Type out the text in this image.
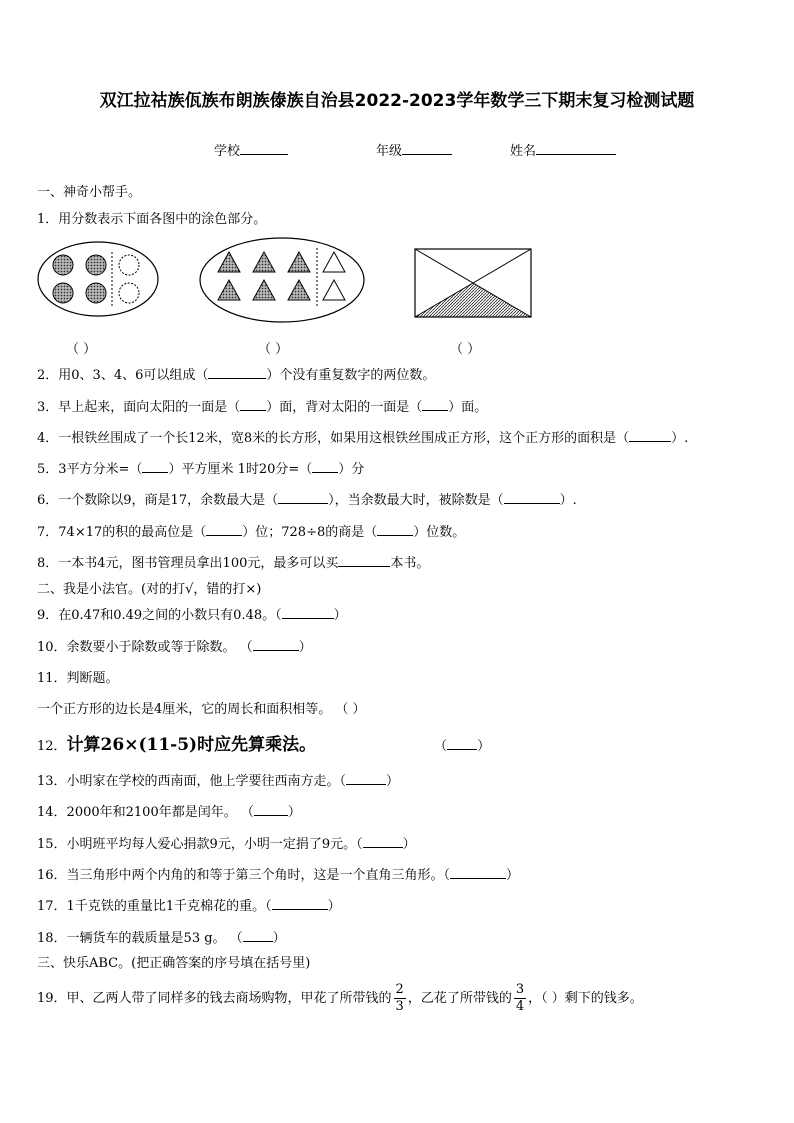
双江拉祜族佤族布朗族傣族自治县2022-2023学年数学三下期末复习检测试题
学校	年级	姓名
一、神奇小帮手。
1．用分数表示下面各图中的涂色部分。
（ ）	（ ）	（ ）
2．用0、3、4、6可以组成（	）个没有重复数字的两位数。
3．早上起来，面向太阳的一面是（ ）面，背对太阳的一面是（ ）面。
4．一根铁丝围成了一个长12米，宽8米的长方形，如果用这根铁丝围成正方形，这个正方形的面积是（	）.
5．3平方分米=（ ）平方厘米 1时20分=（ ）分
6．一个数除以9，商是17，余数最大是（	），当余数最大时，被除数是（	）.
7．74×17的积的最高位是（	）位；728÷8的商是（	）位数。
8．一本书4元，图书管理员拿出100元，最多可以买	本书。
二、我是小法官。(对的打√，错的打×)
9．在0.47和0.49之间的小数只有0.48。（	）
10．余数要小于除数或等于除数。 （	）
11．判断题。
一个正方形的边长是4厘米，它的周长和面积相等。 （ ）
12．计算26×(11-5)时应先算乘法。	（ ）
13．小明家在学校的西南面，他上学要往西南方走。（	）
14．2000年和2100年都是闰年。 （	）
15．小明班平均每人爱心捐款9元，小明一定捐了9元。（	）
16．当三角形中两个内角的和等于第三个角时，这是一个直角三角形。（	）
17．1千克铁的重量比1千克棉花的重。（	）
18．一辆货车的载质量是53 g。 （ ）
三、快乐ABC。(把正确答案的序号填在括号里)
19．甲、乙两人带了同样多的钱去商场购物，甲花了所带钱的 $\frac{2}{3}$ ，乙花了所带钱的 $\frac{3}{4}$ ，（ ）剩下的钱多。
